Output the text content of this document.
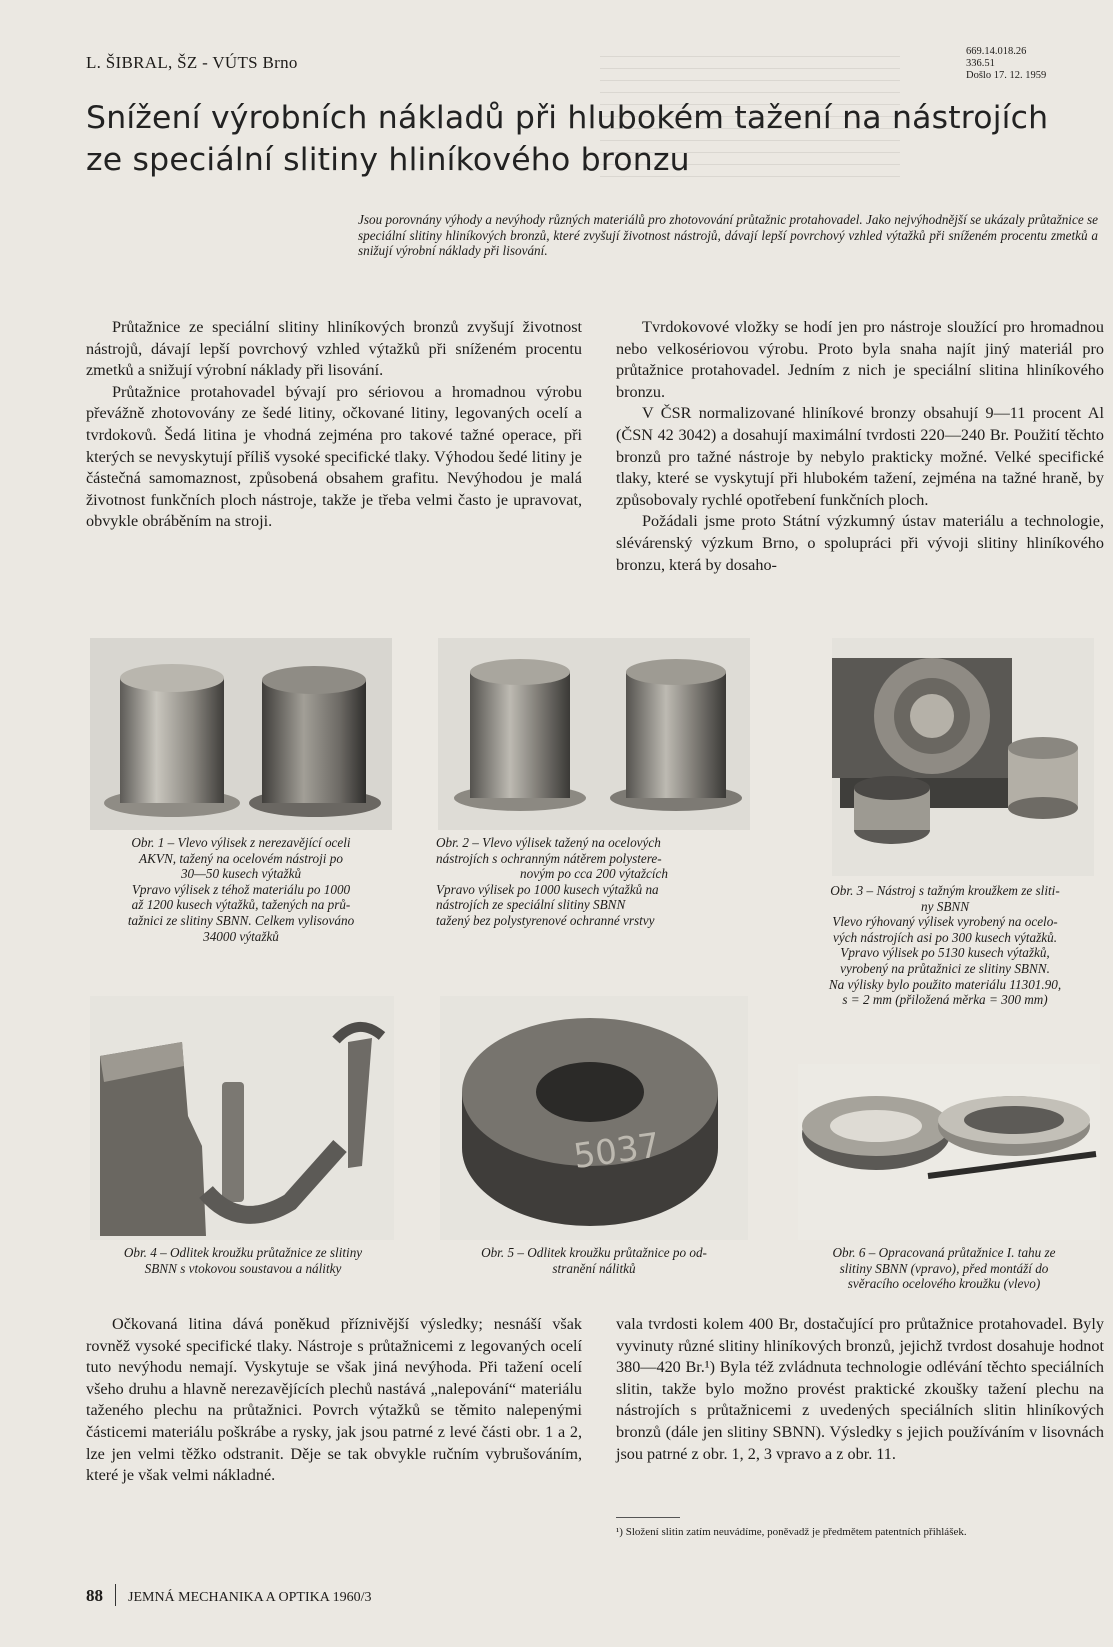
L. ŠIBRAL, ŠZ - VÚTS Brno
669.14.018.26
336.51
Došlo 17. 12. 1959
Snížení výrobních nákladů při hlubokém tažení na nástrojích
ze speciální slitiny hliníkového bronzu
Jsou porovnány výhody a nevýhody různých materiálů pro zhotovování průtažnic protahovadel. Jako nejvýhodnější se ukázaly průtažnice se speciální slitiny hliníkových bronzů, které zvyšují životnost nástrojů, dávají lepší povrchový vzhled výtažků při sníženém procentu zmetků a snižují výrobní náklady při lisování.

Průtažnice ze speciální slitiny hliníkových bronzů zvyšují životnost nástrojů, dávají lepší povrchový vzhled výtažků při sníženém procentu zmetků a snižují výrobní náklady při lisování.

Průtažnice protahovadel bývají pro sériovou a hromadnou výrobu převážně zhotovovány ze šedé litiny, očkované litiny, legovaných ocelí a tvrdokovů. Šedá litina je vhodná zejména pro takové tažné operace, při kterých se nevyskytují příliš vysoké specifické tlaky. Výhodou šedé litiny je částečná samomaznost, způsobená obsahem grafitu. Nevýhodou je malá životnost funkčních ploch nástroje, takže je třeba velmi často je upravovat, obvykle obráběním na stroji.

Tvrdokovové vložky se hodí jen pro nástroje sloužící pro hromadnou nebo velkosériovou výrobu. Proto byla snaha najít jiný materiál pro průtažnice protahovadel. Jedním z nich je speciální slitina hliníkového bronzu.

V ČSR normalizované hliníkové bronzy obsahují 9—11 procent Al (ČSN 42 3042) a dosahují maximální tvrdosti 220—240 Br. Použití těchto bronzů pro tažné nástroje by nebylo prakticky možné. Velké specifické tlaky, které se vyskytují při hlubokém tažení, zejména na tažné hraně, by způsobovaly rychlé opotřebení funkčních ploch.

Požádali jsme proto Státní výzkumný ústav materiálu a technologie, slévárenský výzkum Brno, o spolupráci při vývoji slitiny hliníkového bronzu, která by dosaho-

Obr. 1 – Vlevo výlisek z nerezavějící oceli
AKVN, tažený na ocelovém nástroji po
30—50 kusech výtažků
Vpravo výlisek z téhož materiálu po 1000
až 1200 kusech výtažků, tažených na prů-
tažnici ze slitiny SBNN. Celkem vylisováno
34000 výtažků
Obr. 2 – Vlevo výlisek tažený na ocelových
nástrojích s ochranným nátěrem polystere-
novým po cca 200 výtažcích
Vpravo výlisek po 1000 kusech výtažků na
nástrojích ze speciální slitiny SBNN
tažený bez polystyrenové ochranné vrstvy
Obr. 3 – Nástroj s tažným kroužkem ze sliti-
ny SBNN
Vlevo rýhovaný výlisek vyrobený na ocelo-
vých nástrojích asi po 300 kusech výtažků.
Vpravo výlisek po 5130 kusech výtažků,
vyrobený na průtažnici ze slitiny SBNN.
Na výlisky bylo použito materiálu 11301.90,
s = 2 mm (přiložená měrka = 300 mm)
Obr. 4 – Odlitek kroužku průtažnice ze slitiny
SBNN s vtokovou soustavou a nálitky
5037
Obr. 5 – Odlitek kroužku průtažnice po od-
stranění nálitků
Obr. 6 – Opracovaná průtažnice I. tahu ze
slitiny SBNN (vpravo), před montáží do
svěracího ocelového kroužku (vlevo)

Očkovaná litina dává poněkud příznivější výsledky; nesnáší však rovněž vysoké specifické tlaky. Nástroje s průtažnicemi z legovaných ocelí tuto nevýhodu nemají. Vyskytuje se však jiná nevýhoda. Při tažení ocelí všeho druhu a hlavně nerezavějících plechů nastává „nalepování“ materiálu taženého plechu na průtažnici. Povrch výtažků se těmito nalepenými částicemi materiálu poškrábe a rysky, jak jsou patrné z levé části obr. 1 a 2, lze jen velmi těžko odstranit. Děje se tak obvykle ručním vybrušováním, které je však velmi nákladné.

vala tvrdosti kolem 400 Br, dostačující pro průtažnice protahovadel. Byly vyvinuty různé slitiny hliníkových bronzů, jejichž tvrdost dosahuje hodnot 380—420 Br.¹) Byla též zvládnuta technologie odlévání těchto speciálních slitin, takže bylo možno provést praktické zkoušky tažení plechu na nástrojích s průtažnicemi z uvedených speciálních slitin hliníkových bronzů (dále jen slitiny SBNN). Výsledky s jejich používáním v lisovnách jsou patrné z obr. 1, 2, 3 vpravo a z obr. 11.

¹) Složení slitin zatím neuvádíme, poněvadž je předmětem patentních přihlášek.
88 JEMNÁ MECHANIKA A OPTIKA 1960/3
